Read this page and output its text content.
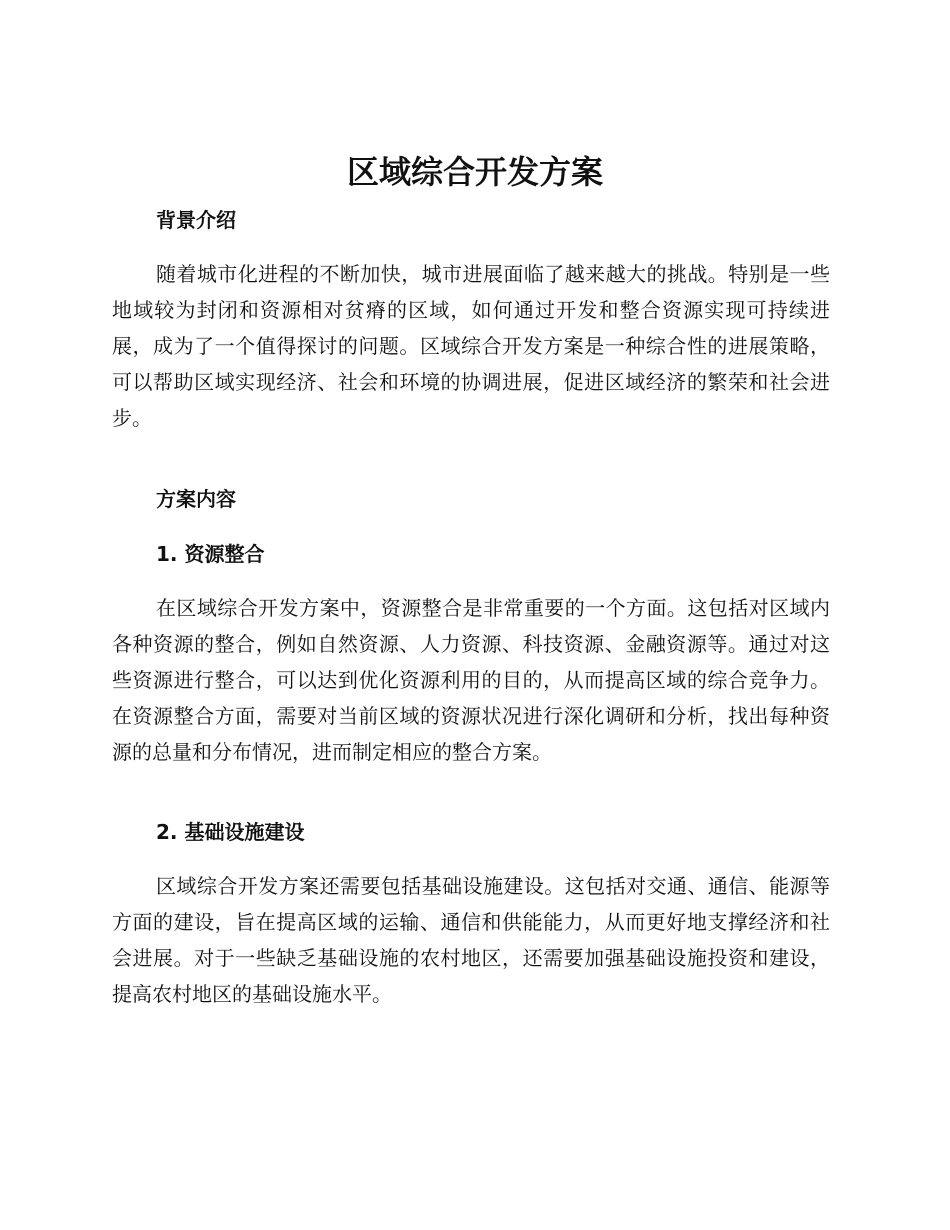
区域综合开发方案
背景介绍

随着城市化进程的不断加快，城市进展面临了越来越大的挑战。特别是一些地域较为封闭和资源相对贫瘠的区域，如何通过开发和整合资源实现可持续进展，成为了一个值得探讨的问题。区域综合开发方案是一种综合性的进展策略，可以帮助区域实现经济、社会和环境的协调进展，促进区域经济的繁荣和社会进步。

方案内容
1. 资源整合

在区域综合开发方案中，资源整合是非常重要的一个方面。这包括对区域内各种资源的整合，例如自然资源、人力资源、科技资源、金融资源等。通过对这些资源进行整合，可以达到优化资源利用的目的，从而提高区域的综合竞争力。在资源整合方面，需要对当前区域的资源状况进行深化调研和分析，找出每种资源的总量和分布情况，进而制定相应的整合方案。

2. 基础设施建设

区域综合开发方案还需要包括基础设施建设。这包括对交通、通信、能源等方面的建设，旨在提高区域的运输、通信和供能能力，从而更好地支撑经济和社会进展。对于一些缺乏基础设施的农村地区，还需要加强基础设施投资和建设，提高农村地区的基础设施水平。
